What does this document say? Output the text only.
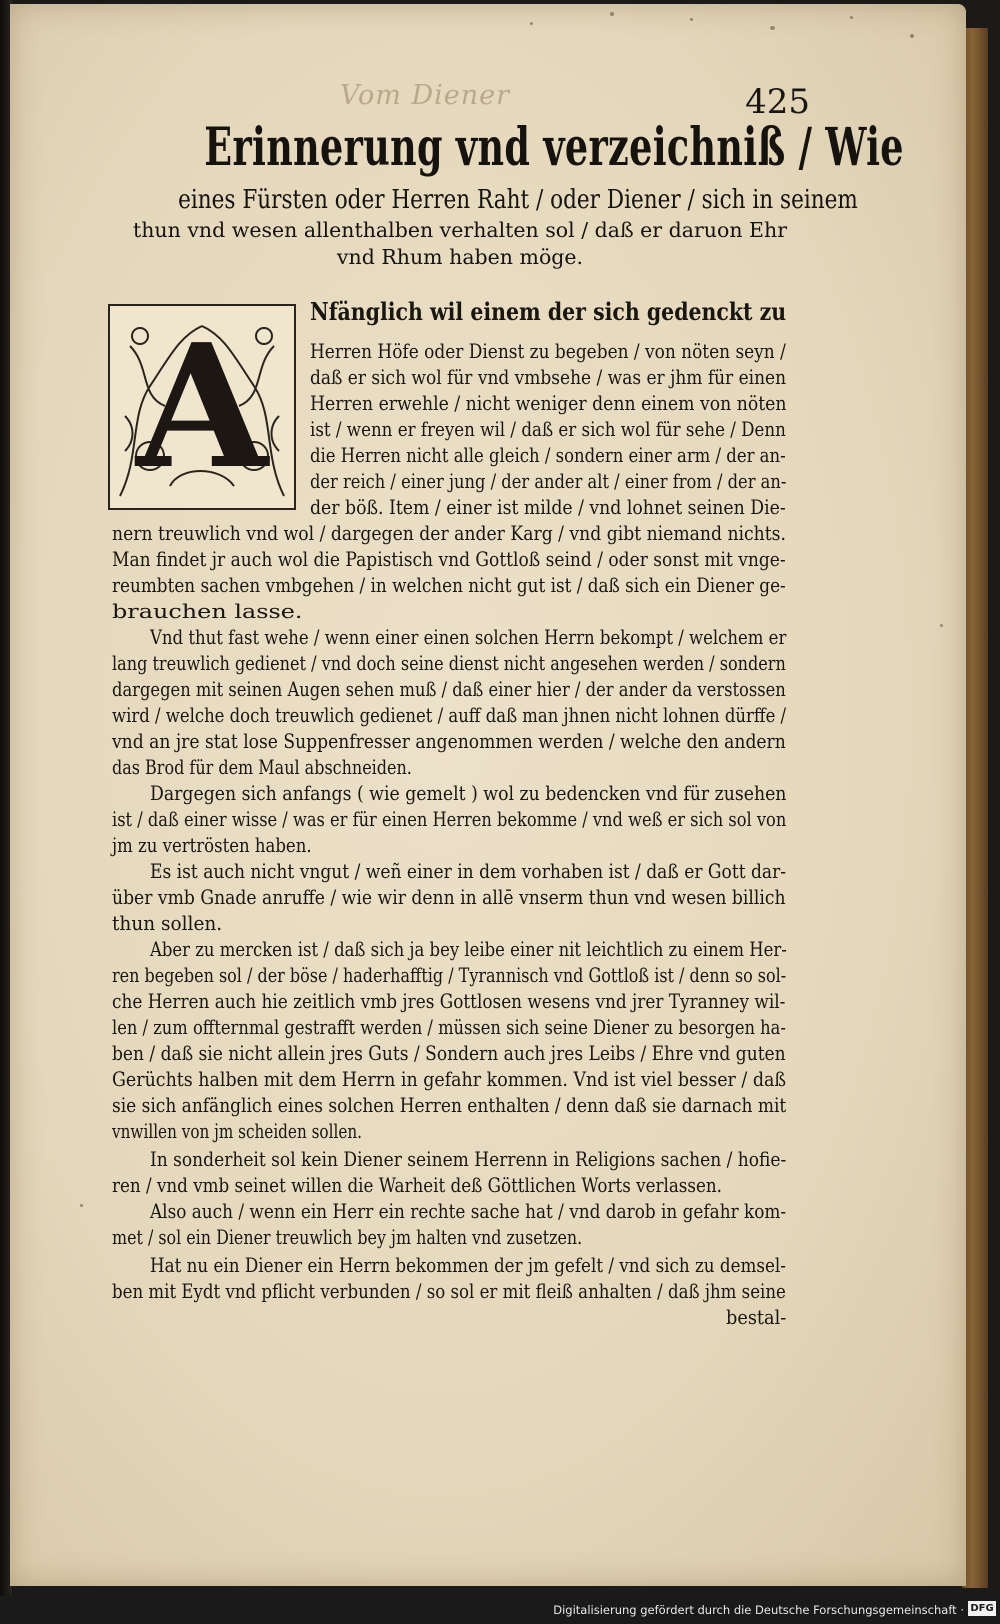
Vom Diener	425
Erinnerung vnd verzeichniß / Wie
eines Fürsten oder Herren Raht / oder Diener / sich in seinem
thun vnd wesen allenthalben verhalten sol / daß er daruon Ehr
vnd Rhum haben möge.
A Nfänglich wil einem der sich gedenckt zu
Herren Höfe oder Dienst zu begeben / von nöten seyn /
daß er sich wol für vnd vmbsehe / was er jhm für einen
Herren erwehle / nicht weniger denn einem von nöten
ist / wenn er freyen wil / daß er sich wol für sehe / Denn
die Herren nicht alle gleich / sondern einer arm / der an-
der reich / einer jung / der ander alt / einer from / der an-
der böß. Item / einer ist milde / vnd lohnet seinen Die-
nern treuwlich vnd wol / dargegen der ander Karg / vnd gibt niemand nichts.
Man findet jr auch wol die Papistisch vnd Gottloß seind / oder sonst mit vnge-
reumbten sachen vmbgehen / in welchen nicht gut ist / daß sich ein Diener ge-
brauchen lasse.
Vnd thut fast wehe / wenn einer einen solchen Herrn bekompt / welchem er
lang treuwlich gedienet / vnd doch seine dienst nicht angesehen werden / sondern
dargegen mit seinen Augen sehen muß / daß einer hier / der ander da verstossen
wird / welche doch treuwlich gedienet / auff daß man jhnen nicht lohnen dürffe /
vnd an jre stat lose Suppenfresser angenommen werden / welche den andern
das Brod für dem Maul abschneiden.
Dargegen sich anfangs ( wie gemelt ) wol zu bedencken vnd für zusehen
ist / daß einer wisse / was er für einen Herren bekomme / vnd weß er sich sol von
jm zu vertrösten haben.
Es ist auch nicht vngut / weñ einer in dem vorhaben ist / daß er Gott dar-
über vmb Gnade anruffe / wie wir denn in allē vnserm thun vnd wesen billich
thun sollen.
Aber zu mercken ist / daß sich ja bey leibe einer nit leichtlich zu einem Her-
ren begeben sol / der böse / haderhafftig / Tyrannisch vnd Gottloß ist / denn so sol-
che Herren auch hie zeitlich vmb jres Gottlosen wesens vnd jrer Tyranney wil-
len / zum offternmal gestrafft werden / müssen sich seine Diener zu besorgen ha-
ben / daß sie nicht allein jres Guts / Sondern auch jres Leibs / Ehre vnd guten
Gerüchts halben mit dem Herrn in gefahr kommen. Vnd ist viel besser / daß
sie sich anfänglich eines solchen Herren enthalten / denn daß sie darnach mit
vnwillen von jm scheiden sollen.
In sonderheit sol kein Diener seinem Herrenn in Religions sachen / hofie-
ren / vnd vmb seinet willen die Warheit deß Göttlichen Worts verlassen.
Also auch / wenn ein Herr ein rechte sache hat / vnd darob in gefahr kom-
met / sol ein Diener treuwlich bey jm halten vnd zusetzen.
Hat nu ein Diener ein Herrn bekommen der jm gefelt / vnd sich zu demsel-
ben mit Eydt vnd pflicht verbunden / so sol er mit fleiß anhalten / daß jhm seine
bestal-
Digitalisierung gefördert durch die Deutsche Forschungsgemeinschaft · DFG
